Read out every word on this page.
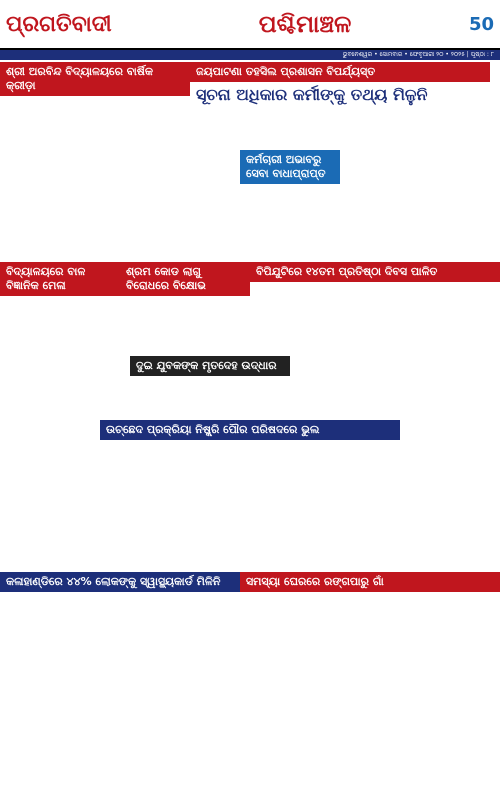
ପ୍ରଗତିବାଦୀ	ପଶ୍ଚିମାଞ୍ଚଳ	50
ଭୁବନେଶ୍ୱର • ସୋମବାର • ଫେବୃଆରୀ ୨୦ • ୨୦୨୫ | ପୃଷ୍ଠା : ୮
ଶ୍ରୀ ଅରବିନ୍ଦ ବିଦ୍ୟାଳୟରେ ବାର୍ଷିକ କ୍ରୀଡ଼ା
ଜୟପାଟଣା ତହସିଲ ପ୍ରଶାସନ ବିପର୍ଯ୍ୟସ୍ତ
ସୂଚନା ଅଧିକାର କର୍ମୀଙ୍କୁ ତଥ୍ୟ ମିଳୁନି
କର୍ମଚାରୀ ଅଭାବରୁ ସେବା ବାଧାପ୍ରାପ୍ତ
ବିଦ୍ୟାଳୟରେ ବାଳ ବିଜ୍ଞାନିକ ମେଳା
ଶ୍ରମ କୋଡ ଲାଗୁ ବିରୋଧରେ ବିକ୍ଷୋଭ
ବିପିଯୁଟିରେ ୧୪ତମ ପ୍ରତିଷ୍ଠା ଦିବସ ପାଳିତ
ଦୁଇ ଯୁବକଙ୍କ ମୃତଦେହ ଉଦ୍ଧାର
ଉଚ୍ଛେଦ ପ୍ରକ୍ରିୟା ନିଷ୍କ୍ରି ପୌର ପରିଷଦରେ ଭୁଲ
କଳାହାଣ୍ଡିରେ ୪୪% ଲୋକଙ୍କୁ ସ୍ୱାସ୍ଥ୍ୟକାର୍ଡ ମିଳିନି	ସମସ୍ୟା ଘେରରେ ରଙ୍ଗପାରୁ ଗାଁ
